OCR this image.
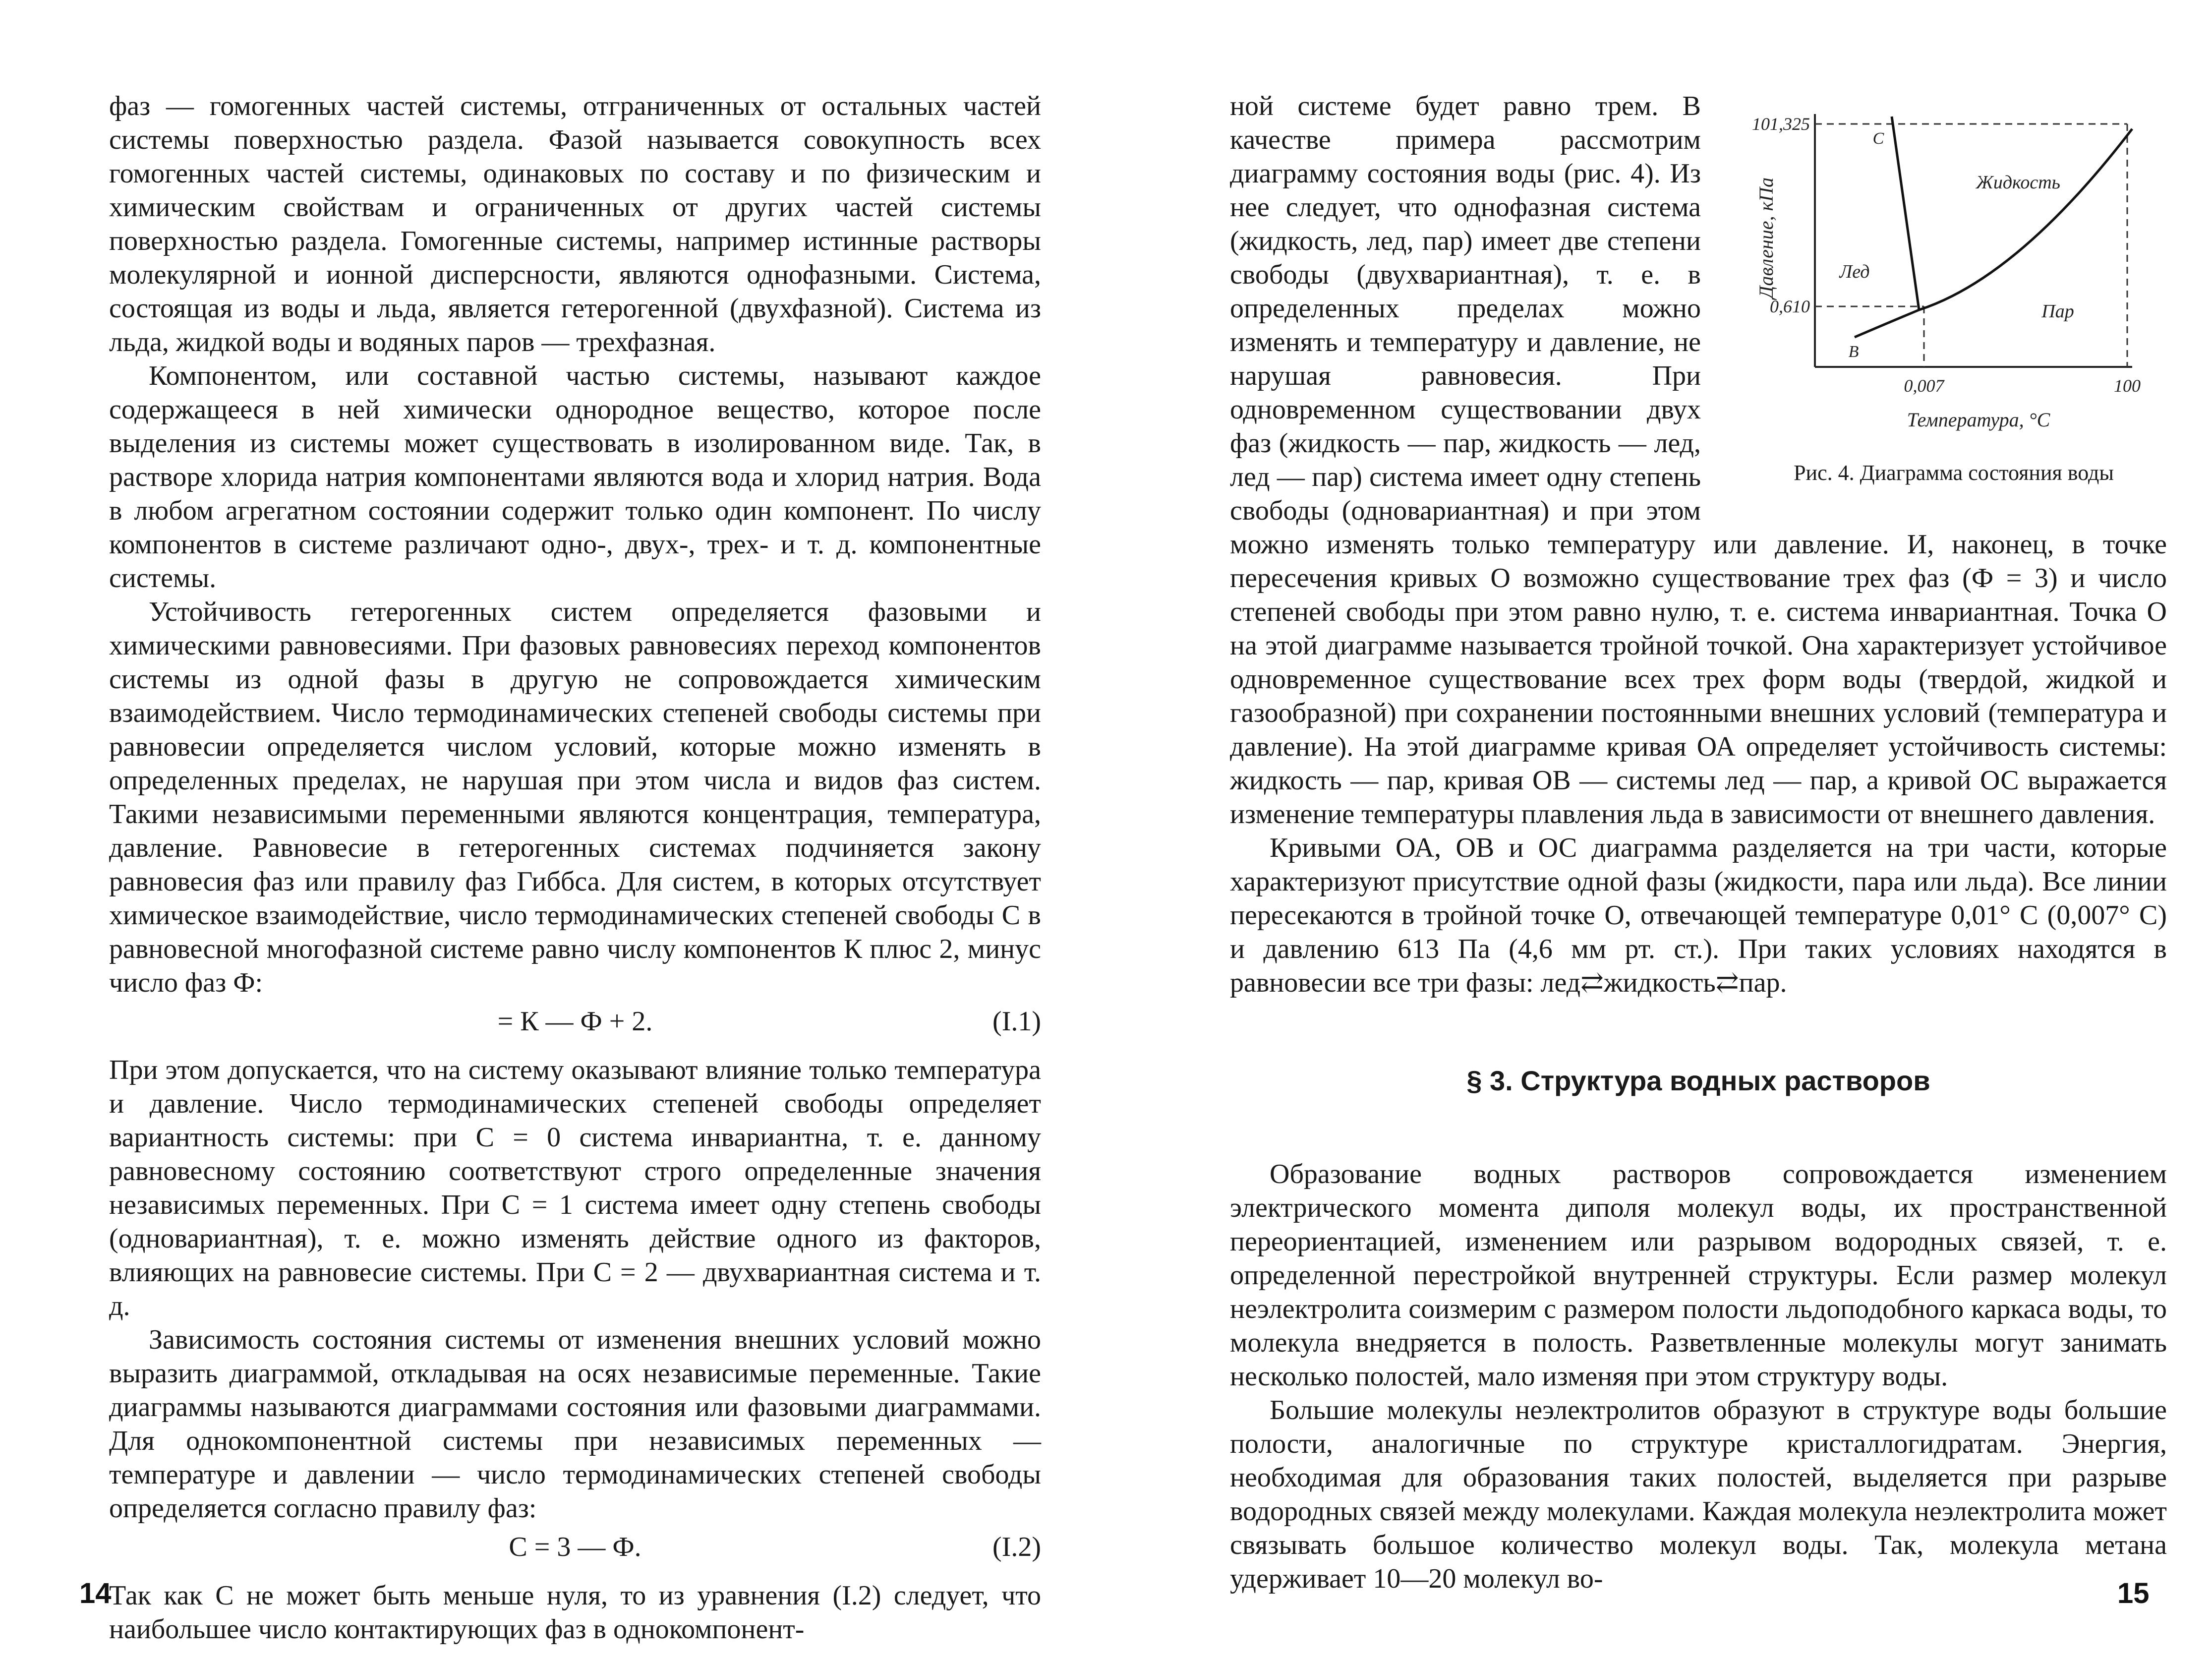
фаз — гомогенных частей системы, отграниченных от остальных частей системы поверхностью раздела. Фазой называется совокупность всех гомогенных частей системы, одинаковых по составу и по физическим и химическим свойствам и ограниченных от других частей системы поверхностью раздела. Гомогенные системы, например истинные растворы молекулярной и ионной дисперсности, являются однофазными. Система, состоящая из воды и льда, является гетерогенной (двухфазной). Система из льда, жидкой воды и водяных паров — трехфазная.

Компонентом, или составной частью системы, называют каждое содержащееся в ней химически однородное вещество, которое после выделения из системы может существовать в изолированном виде. Так, в растворе хлорида натрия компонентами являются вода и хлорид натрия. Вода в любом агрегатном состоянии содержит только один компонент. По числу компонентов в системе различают одно-, двух-, трех- и т. д. компонентные системы.

Устойчивость гетерогенных систем определяется фазовыми и химическими равновесиями. При фазовых равновесиях переход компонентов системы из одной фазы в другую не сопровождается химическим взаимодействием. Число термодинамических степеней свободы системы при равновесии определяется числом условий, которые можно изменять в определенных пределах, не нарушая при этом числа и видов фаз систем. Такими независимыми переменными являются концентрация, температура, давление. Равновесие в гетерогенных системах подчиняется закону равновесия фаз или правилу фаз Гиббса. Для систем, в которых отсутствует химическое взаимодействие, число термодинамических степеней свободы С в равновесной многофазной системе равно числу компонентов К плюс 2, минус число фаз Ф:

= К — Ф + 2.	(I.1)

При этом допускается, что на систему оказывают влияние только температура и давление. Число термодинамических степеней свободы определяет вариантность системы: при С = 0 система инвариантна, т. е. данному равновесному состоянию соответствуют строго определенные значения независимых переменных. При С = 1 система имеет одну степень свободы (одновариантная), т. е. можно изменять действие одного из факторов, влияющих на равновесие системы. При С = 2 — двухвариантная система и т. д.

Зависимость состояния системы от изменения внешних условий можно выразить диаграммой, откладывая на осях независимые переменные. Такие диаграммы называются диаграммами состояния или фазовыми диаграммами. Для однокомпонентной системы при независимых переменных — температуре и давлении — число термодинамических степеней свободы определяется согласно правилу фаз:

С = 3 — Ф.	(I.2)

Так как С не может быть меньше нуля, то из уравнения (I.2) следует, что наибольшее число контактирующих фаз в однокомпонент-

14
101,325
0,610
0,007	100
Давление, кПа
Температура, °С
Жидкость
Лед
Пар
C
B
Рис. 4. Диаграмма состояния воды

ной системе будет равно трем. В качестве примера рассмотрим диаграмму состояния воды (рис. 4). Из нее следует, что однофазная система (жидкость, лед, пар) имеет две степени свободы (двухвариантная), т. е. в определенных пределах можно изменять и температуру и давление, не нарушая равновесия. При одновременном существовании двух фаз (жидкость — пар, жидкость — лед, лед — пар) система имеет одну степень свободы (одновариантная) и при этом можно изменять только температуру или давление. И, наконец, в точке пересечения кривых О возможно существование трех фаз (Ф = 3) и число степеней свободы при этом равно нулю, т. е. система инвариантная. Точка О на этой диаграмме называется тройной точкой. Она характеризует устойчивое одновременное существование всех трех форм воды (твердой, жидкой и газообразной) при сохранении постоянными внешних условий (температура и давление). На этой диаграмме кривая ОА определяет устойчивость системы: жидкость — пар, кривая ОВ — системы лед — пар, а кривой ОС выражается изменение температуры плавления льда в зависимости от внешнего давления.

Кривыми ОА, ОВ и ОС диаграмма разделяется на три части, которые характеризуют присутствие одной фазы (жидкости, пара или льда). Все линии пересекаются в тройной точке О, отвечающей температуре 0,01° С (0,007° С) и давлению 613 Па (4,6 мм рт. ст.). При таких условиях находятся в равновесии все три фазы: лед⇄жидкость⇄пар.

§ 3. Структура водных растворов

Образование водных растворов сопровождается изменением электрического момента диполя молекул воды, их пространственной переориентацией, изменением или разрывом водородных связей, т. е. определенной перестройкой внутренней структуры. Если размер молекул неэлектролита соизмерим с размером полости льдоподобного каркаса воды, то молекула внедряется в полость. Разветвленные молекулы могут занимать несколько полостей, мало изменяя при этом структуру воды.

Большие молекулы неэлектролитов образуют в структуре воды большие полости, аналогичные по структуре кристаллогидратам. Энергия, необходимая для образования таких полостей, выделяется при разрыве водородных связей между молекулами. Каждая молекула неэлектролита может связывать большое количество молекул воды. Так, молекула метана удерживает 10—20 молекул во-	15
